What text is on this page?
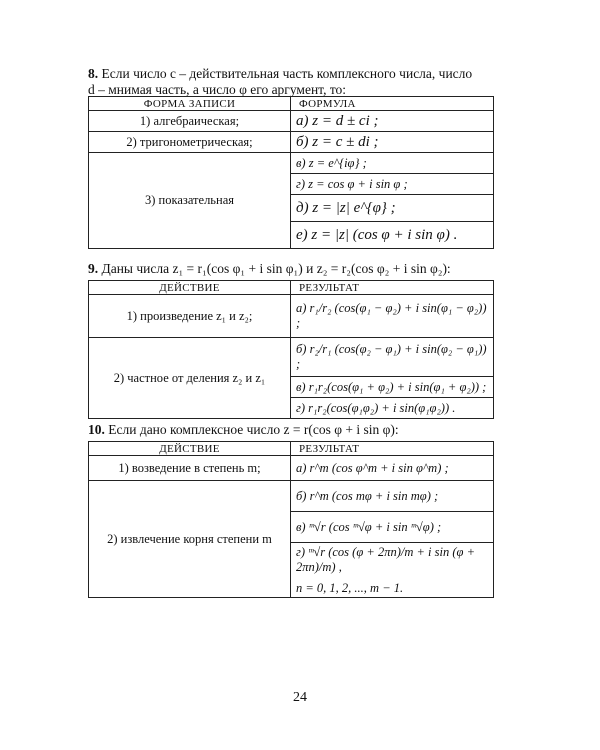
8. Если число c – действительная часть комплексного числа, число
d – мнимая часть, а число φ его аргумент, то:
ФОРМА ЗАПИСИ	ФОРМУЛА
1) алгебраическая;	а) z = d ± ci ;
2) тригонометрическая;	б) z = c ± di ;
3) показательная	в) z = e^{iφ} ;
	г) z = cos φ + i sin φ ;
	д) z = |z| e^{φ} ;
	е) z = |z| (cos φ + i sin φ) .
9. Даны числа z₁ = r₁(cos φ₁ + i sin φ₁) и z₂ = r₂(cos φ₂ + i sin φ₂):
ДЕЙСТВИЕ	РЕЗУЛЬТАТ
1) произведение z₁ и z₂;	а) r₁/r₂ (cos(φ₁ − φ₂) + i sin(φ₁ − φ₂)) ;
2) частное от деления z₂ и z₁	б) r₂/r₁ (cos(φ₂ − φ₁) + i sin(φ₂ − φ₁)) ;
	в) r₁r₂(cos(φ₁ + φ₂) + i sin(φ₁ + φ₂)) ;
	г) r₁r₂(cos(φ₁φ₂) + i sin(φ₁φ₂)) .
10. Если дано комплексное число z = r(cos φ + i sin φ):
ДЕЙСТВИЕ	РЕЗУЛЬТАТ
1) возведение в степень m;	а) r^m (cos φ^m + i sin φ^m) ;
2) извлечение корня степени m	б) r^m (cos mφ + i sin mφ) ;
	в) ᵐ√r (cos ᵐ√φ + i sin ᵐ√φ) ;

	г) ᵐ√r (cos (φ + 2πn)/m + i sin (φ + 2πn)/m) ,
n = 0, 1, 2, ..., m − 1.
24
